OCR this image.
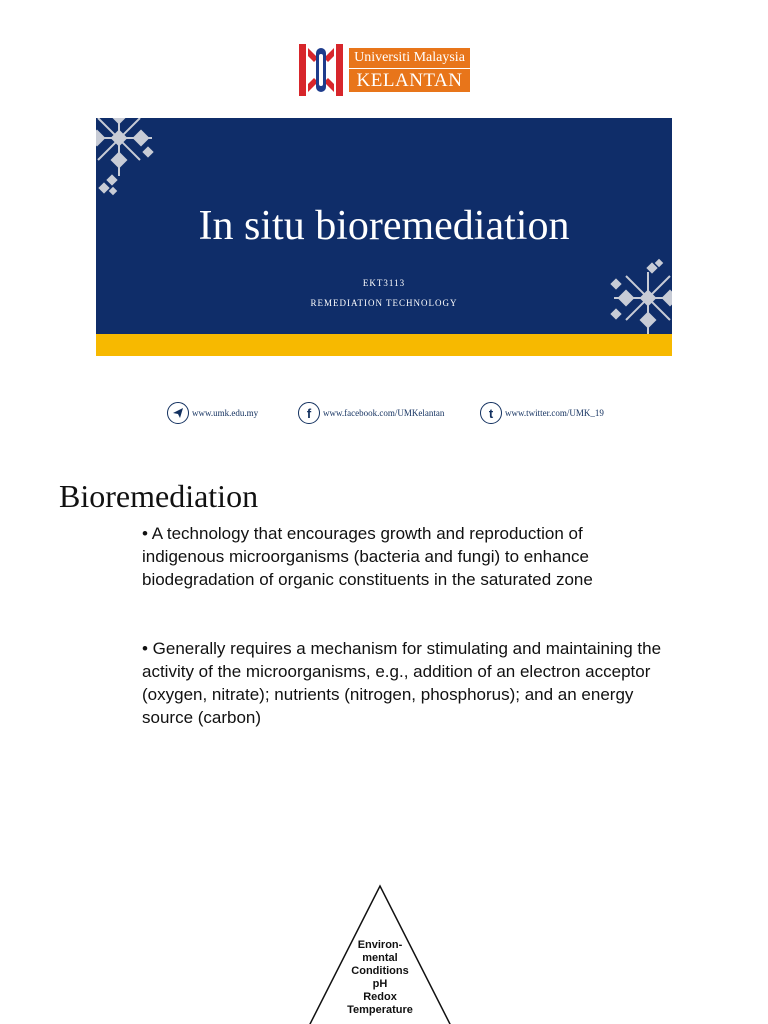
Universiti Malaysia
KELANTAN
In situ bioremediation
EKT3113
REMEDIATION TECHNOLOGY
www.umk.edu.my	f	www.facebook.com/UMKelantan	t	www.twitter.com/UMK_19
Bioremediation
• A technology that encourages growth and reproduction of indigenous microorganisms (bacteria and fungi) to enhance biodegradation of organic constituents in the saturated zone
• Generally requires a mechanism for stimulating and maintaining the activity of the microorganisms, e.g., addition of an electron acceptor (oxygen, nitrate); nutrients (nitrogen, phosphorus); and an energy source (carbon)
Environ-
mental
Conditions
pH
Redox
Temperature
